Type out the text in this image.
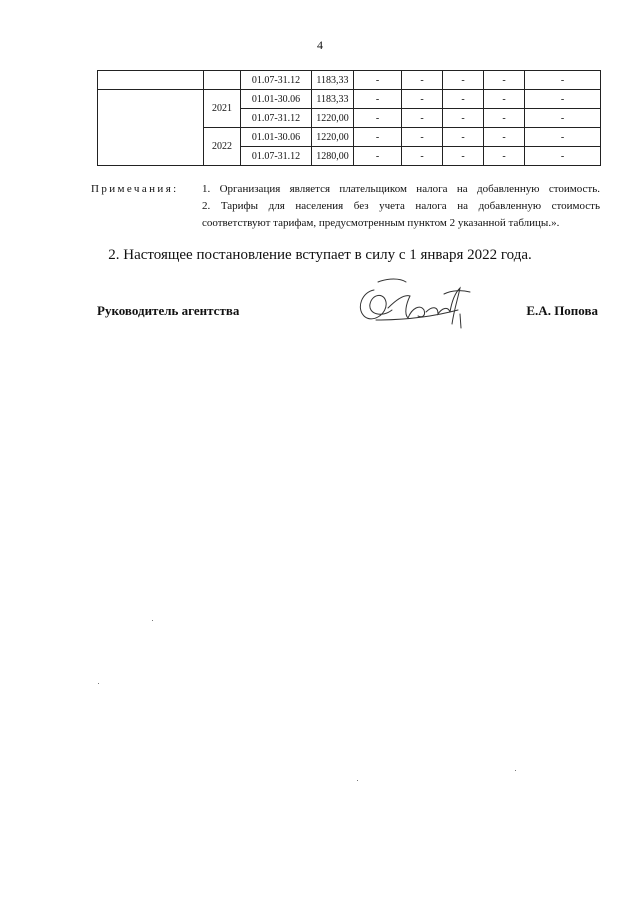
4
		01.07-31.12	1183,33	-	-	-	-	-
	2021	01.01-30.06	1183,33	-	-	-	-	-
		01.07-31.12	1220,00	-	-	-	-	-
	2022	01.01-30.06	1220,00	-	-	-	-	-
		01.07-31.12	1280,00	-	-	-	-	-
Примечания: 1. Организация является плательщиком налога на добавленную стоимость.
2. Тарифы для населения без учета налога на добавленную стоимость
соответствуют тарифам, предусмотренным пунктом 2 указанной таблицы.».
2. Настоящее постановление вступает в силу с 1 января 2022 года.
Руководитель агентства	Е.А. Попова
